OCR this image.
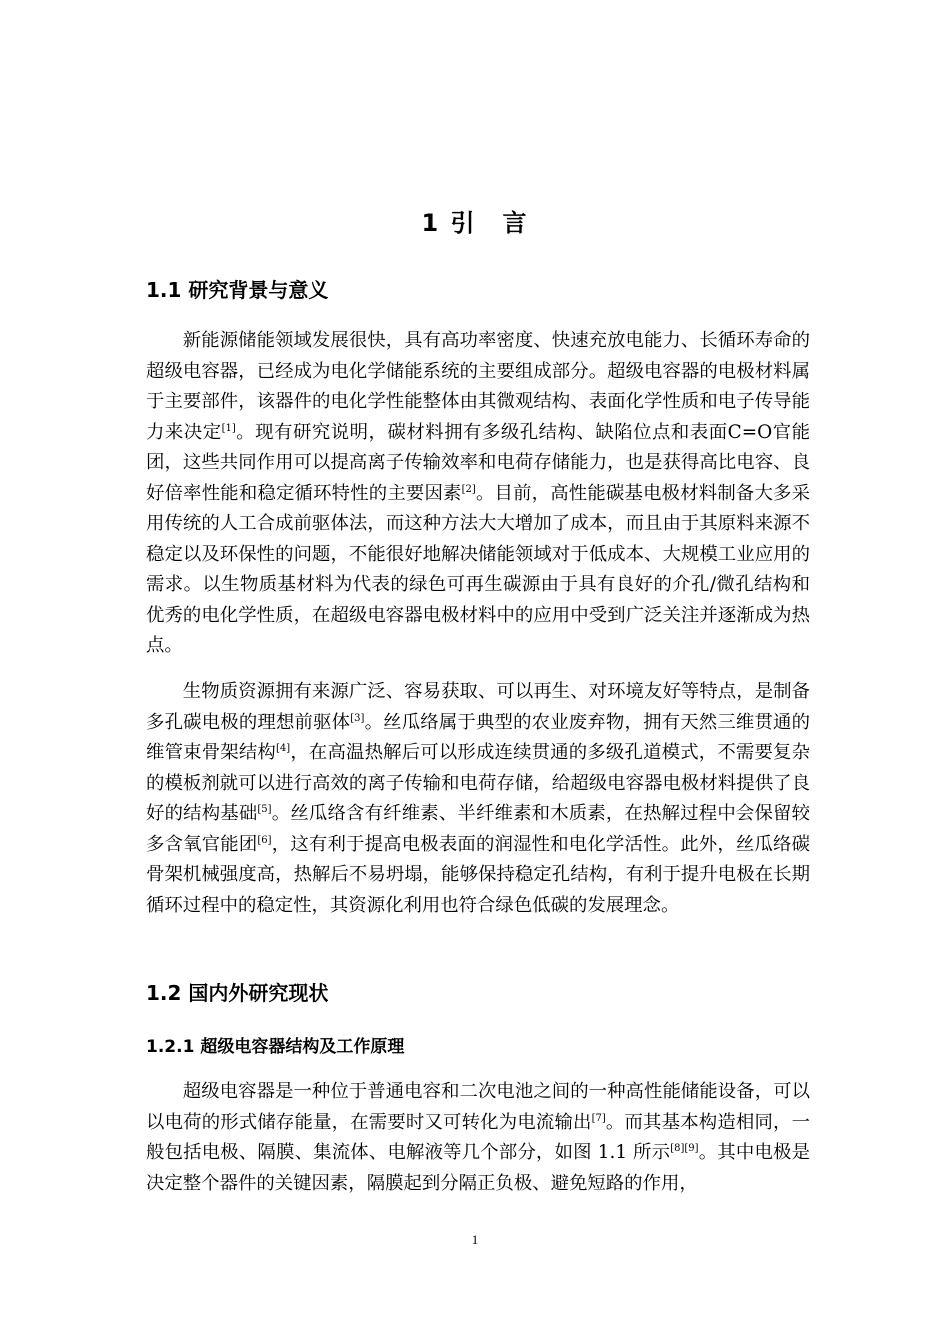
1 引　言
1.1 研究背景与意义

新能源储能领域发展很快，具有高功率密度、快速充放电能力、长循环寿命的超级电容器，已经成为电化学储能系统的主要组成部分。超级电容器的电极材料属于主要部件，该器件的电化学性能整体由其微观结构、表面化学性质和电子传导能力来决定[1]。现有研究说明，碳材料拥有多级孔结构、缺陷位点和表面C=O官能团，这些共同作用可以提高离子传输效率和电荷存储能力，也是获得高比电容、良好倍率性能和稳定循环特性的主要因素[2]。目前，高性能碳基电极材料制备大多采用传统的人工合成前驱体法，而这种方法大大增加了成本，而且由于其原料来源不稳定以及环保性的问题，不能很好地解决储能领域对于低成本、大规模工业应用的需求。以生物质基材料为代表的绿色可再生碳源由于具有良好的介孔/微孔结构和优秀的电化学性质，在超级电容器电极材料中的应用中受到广泛关注并逐渐成为热点。

生物质资源拥有来源广泛、容易获取、可以再生、对环境友好等特点，是制备多孔碳电极的理想前驱体[3]。丝瓜络属于典型的农业废弃物，拥有天然三维贯通的维管束骨架结构[4]，在高温热解后可以形成连续贯通的多级孔道模式，不需要复杂的模板剂就可以进行高效的离子传输和电荷存储，给超级电容器电极材料提供了良好的结构基础[5]。丝瓜络含有纤维素、半纤维素和木质素，在热解过程中会保留较多含氧官能团[6]，这有利于提高电极表面的润湿性和电化学活性。此外，丝瓜络碳骨架机械强度高，热解后不易坍塌，能够保持稳定孔结构，有利于提升电极在长期循环过程中的稳定性，其资源化利用也符合绿色低碳的发展理念。

1.2 国内外研究现状
1.2.1 超级电容器结构及工作原理

超级电容器是一种位于普通电容和二次电池之间的一种高性能储能设备，可以以电荷的形式储存能量，在需要时又可转化为电流输出[7]。而其基本构造相同，一般包括电极、隔膜、集流体、电解液等几个部分，如图 1.1 所示[8][9]。其中电极是决定整个器件的关键因素，隔膜起到分隔正负极、避免短路的作用，

1
